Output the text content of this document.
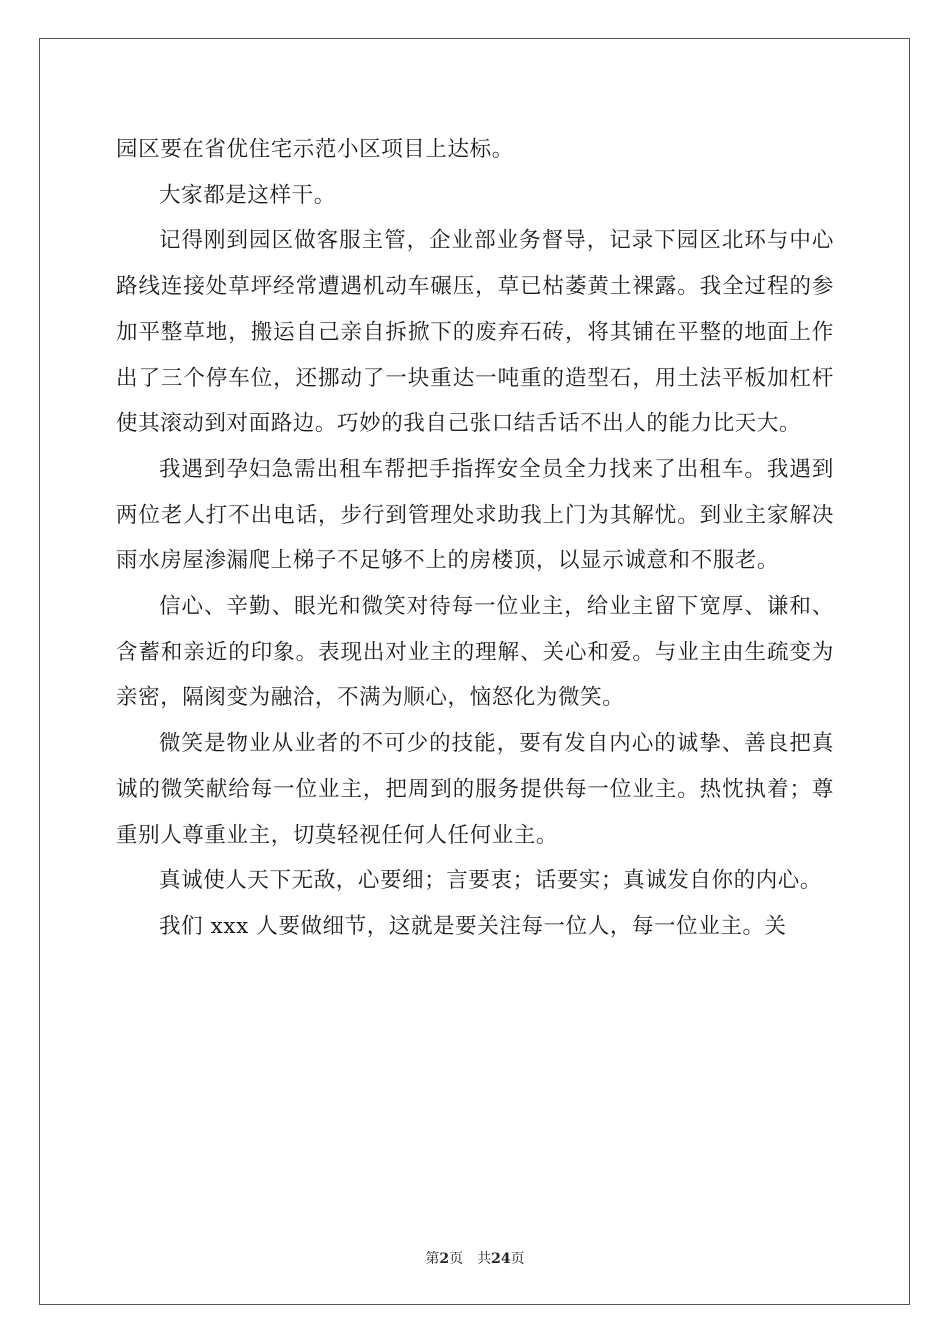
园区要在省优住宅示范小区项目上达标。

大家都是这样干。

记得刚到园区做客服主管，企业部业务督导，记录下园区北环与中心路线连接处草坪经常遭遇机动车碾压，草已枯萎黄土裸露。我全过程的参加平整草地，搬运自己亲自拆掀下的废弃石砖，将其铺在平整的地面上作出了三个停车位，还挪动了一块重达一吨重的造型石，用土法平板加杠杆使其滚动到对面路边。巧妙的我自己张口结舌话不出人的能力比天大。

我遇到孕妇急需出租车帮把手指挥安全员全力找来了出租车。我遇到两位老人打不出电话，步行到管理处求助我上门为其解忧。到业主家解决雨水房屋渗漏爬上梯子不足够不上的房楼顶，以显示诚意和不服老。

信心、辛勤、眼光和微笑对待每一位业主，给业主留下宽厚、谦和、含蓄和亲近的印象。表现出对业主的理解、关心和爱。与业主由生疏变为亲密，隔阂变为融洽，不满为顺心，恼怒化为微笑。

微笑是物业从业者的不可少的技能，要有发自内心的诚挚、善良把真诚的微笑献给每一位业主，把周到的服务提供每一位业主。热忱执着；尊重别人尊重业主，切莫轻视任何人任何业主。

真诚使人天下无敌，心要细；言要衷；话要实；真诚发自你的内心。

我们 xxx 人要做细节，这就是要关注每一位人，每一位业主。关

第2页 共24页
